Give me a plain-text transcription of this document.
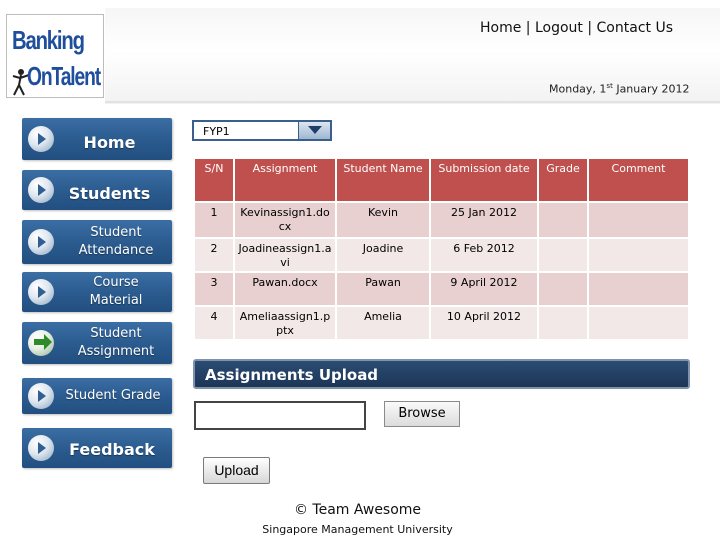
Banking
OnTalent
Home | Logout | Contact Us
Monday, 1st January 2012
Home
Students
Student Attendance
Course Material
Student Assignment
Student Grade
Feedback
FYP1
S/N	Assignment	Student Name	Submission date	Grade	Comment
1	Kevinassign1.docx	Kevin	25 Jan 2012		
2	Joadineassign1.avi	Joadine	6 Feb 2012		
3	Pawan.docx	Pawan	9 April 2012		
4	Ameliaassign1.pptx	Amelia	10 April 2012		
Assignments Upload
Browse
Upload
© Team Awesome
Singapore Management University
